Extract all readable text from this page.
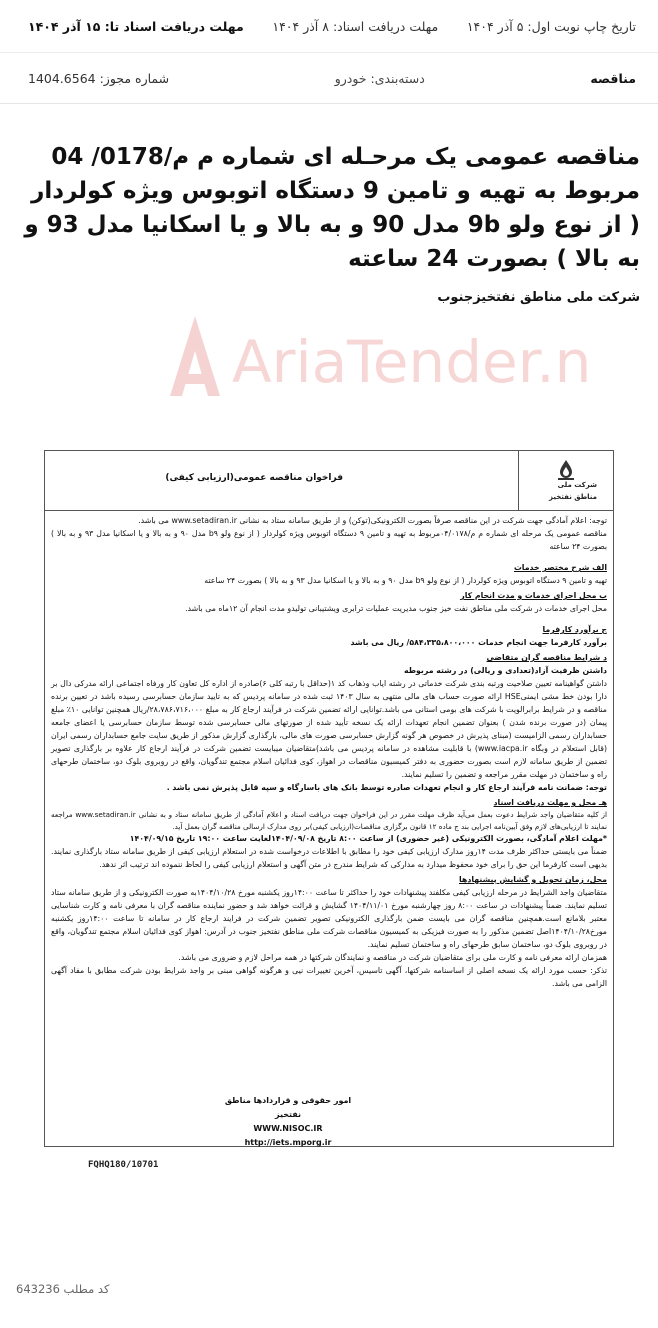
تاریخ چاپ نوبت اول: ۵ آذر ۱۴۰۴
مهلت دریافت اسناد: ۸ آذر ۱۴۰۴
مهلت دریافت اسناد تا: ۱۵ آذر ۱۴۰۴
مناقصه
دسته‌بندی: خودرو
شماره مجوز: 1404.6564
مناقصه عمومی یک مرحـله ای شماره م م/0178/ 04 مربوط به تهیه و تامین 9 دستگاه اتوبوس ویژه کولردار ( از نوع ولو 9b مدل 90 و به بالا و یا اسکانیا مدل 93 و به بالا ) بصورت 24 ساعته
شرکت ملی مناطق نفتخیزجنوب
AriaTender.n
شرکت ملی
مناطق نفتخیز
فراخوان مناقصه عمومی(ارزیابی کیفی)

توجه: اعلام آمادگی جهت شرکت در این مناقصه صرفاً بصورت الکترونیکی(توکن) و از طریق سامانه ستاد به نشانی www.setadiran.ir می باشد.

مناقصه عمومی یک مرحله ای شماره م م/۰۴/۰۱۷۸مربوط به تهیه و تامین ۹ دستگاه اتوبوس ویژه کولردار ( از نوع ولو b۹ مدل ۹۰ و به بالا و یا اسکانیا مدل ۹۳ و به بالا ) بصورت ۲۴ ساعته

الف شرح مختصر خدمات

تهیه و تامین ۹ دستگاه اتوبوس ویژه کولردار ( از نوع ولو b۹ مدل ۹۰ و به بالا و یا اسکانیا مدل ۹۳ و به بالا ) بصورت ۲۴ ساعته

ب محل اجرای خدمات و مدت انجام کار

محل اجرای خدمات در شرکت ملی مناطق نفت خیز جنوب مدیریت عملیات ترابری ویشتیبانی تولیدو مدت انجام آن ۱۲ماه می باشد.

ج برآورد کارفرما

برآورد کارفرما جهت انجام خدمات ۵۸۴،۳۳۵،۸۰۰،۰۰۰/ ریال می باشد

د شرایط مناقصه گران متقاضی

داشتن ظرفیت آزاد(تعدادی و ریالی) در رشته مربوطه

داشتن گواهینامه تعیین صلاحیت ورتبه بندی شرکت خدماتی در رشته ایاب وذهاب کد ۱(حداقل با رتبه کلی ۶)صادره از اداره کل تعاون کار ورفاه اجتماعی ارائه مدرکی دال بر دارا بودن خط مشی ایمنیHSE ارائه صورت حساب های مالی منتهی به سال ۱۴۰۳ ثبت شده در سامانه پردیس که به تایید سازمان حسابرسی رسیده باشد در تعیین برنده مناقصه و در شرایط برابرالویت با شرکت های بومی استانی می باشد.توانایی ارائه تضمین شرکت در فرآیند ارجاع کار به مبلغ ۲۸،۷۸۶،۷۱۶،۰۰۰/ریال همچنین توانایی ۱۰٪ مبلغ پیمان (در صورت برنده شدن ) بعنوان تضمین انجام تعهدات ارائه یک نسخه تأیید شده از صورتهای مالی حسابرسی شده توسط سازمان حسابرسی یا اعضای جامعه حسابداران رسمی الزامیست (مبنای پذیرش در خصوص هر گونه گزارش حسابرسی صورت های مالی، بارگذاری گزارش مذکور از طریق سایت جامع حسابداران رسمی ایران (قابل استعلام در وبگاه www.iacpa.ir) با قابلیت مشاهده در سامانه پردیس می باشد)متقاضیان میبایست تضمین شرکت در فرآیند ارجاع کار علاوه بر بارگذاری تصویر تضمین از طریق سامانه لازم است بصورت حضوری به دفتر کمیسیون مناقصات در اهواز، کوی فدائیان اسلام مجتمع تندگویان، واقع در روبروی بلوک دو، ساختمان طرحهای راه و ساختمان در مهلت مقرر مراجعه و تضمین را تسلیم نمایند.

توجه: ضمانت نامه فرآیند ارجاع کار و انجام تعهدات صادره توسط بانک های باسارگاه و سپه قابل پذیرش نمی باشد .

هـ محل و مهلت دریافت اسناد

از کلیه متقاضیان واجد شرایط دعوت بعمل می‌آید ظرف مهلت مقرر در این فراخوان جهت دریافت اسناد و اعلام آمادگی از طریق سامانه ستاد و به نشانی www.setadiran.ir مراجعه نمایند تا ارزیابی‌های لازم وفق آیین‌نامه اجرایی بند ج ماده ۱۲ قانون برگزاری مناقصات(ارزیابی کیفی)بر روی مدارک ارسالی مناقصه گران بعمل آید.

*مهلت اعلام آمادگی، بصورت الکترونیکی (غیر حضوری) از ساعت ۸:۰۰ تاریخ ۱۴۰۴/۰۹/۰۸لغایت ساعت ۱۹:۰۰ تاریخ ۱۴۰۴/۰۹/۱۵

ضمناً می بایستی حداکثر ظرف مدت ۱۴روز مدارک ارزیابی کیفی خود را مطابق با اطلاعات درخواست شده در استعلام ارزیابی کیفی از طریق سامانه ستاد بارگذاری نمایند. بدیهی است کارفرما این حق را برای خود محفوظ میدارد به مدارکی که شرایط مندرج در متن آگهی و استعلام ارزیابی کیفی را لحاظ ننموده اند ترتیب اثر ندهد.

محل، زمان تحویل و گشایش پیشنهادها

متقاضیان واجد الشرایط در مرحله ارزیابی کیفی مکلفند پیشنهادات خود را حداکثر تا ساعت ۱۴:۰۰روز یکشنبه مورخ ۱۴۰۴/۱۰/۲۸به صورت الکترونیکی و از طریق سامانه ستاد تسلیم نمایند. ضمناً پیشنهادات در ساعت ۸:۰۰ روز چهارشنبه مورخ ۱۴۰۴/۱۱/۰۱ گشایش و قرائت خواهد شد و حضور نماینده مناقصه گران با معرفی نامه و کارت شناسایی معتبر بلامانع است.همچنین مناقصه گران می بایست ضمن بارگذاری الکترونیکی تصویر تضمین شرکت در فرایند ارجاع کار در سامانه تا ساعت ۱۴:۰۰روز یکشنبه مورخ۱۴۰۴/۱۰/۲۸اصل تضمین مذکور را به صورت فیزیکی به کمیسیون مناقصات شرکت ملی مناطق نفتخیز جنوب در آدرس: اهواز کوی فدائیان اسلام مجتمع تندگویان، واقع در روبروی بلوک دو، ساختمان سابق طرحهای راه و ساختمان تسلیم نمایند.

همزمان ارائه معرفی نامه و کارت ملی برای متقاضیان شرکت در مناقصه و نمایندگان شرکتها در همه مراحل لازم و ضروری می باشد.

تذکر: حسب مورد ارائه یک نسخه اصلی از اساسنامه شرکتها، آگهی تاسیس، آخرین تغییرات نیی و هرگونه گواهی مبنی بر واجد شرایط بودن شرکت مطابق با مفاد آگهی الزامی می باشد.

امور حقوقی و قراردادها مناطق نفتخیز
WWW.NISOC.IR http://iets.mporg.ir
FQHQ180/10701
کد مطلب 643236
